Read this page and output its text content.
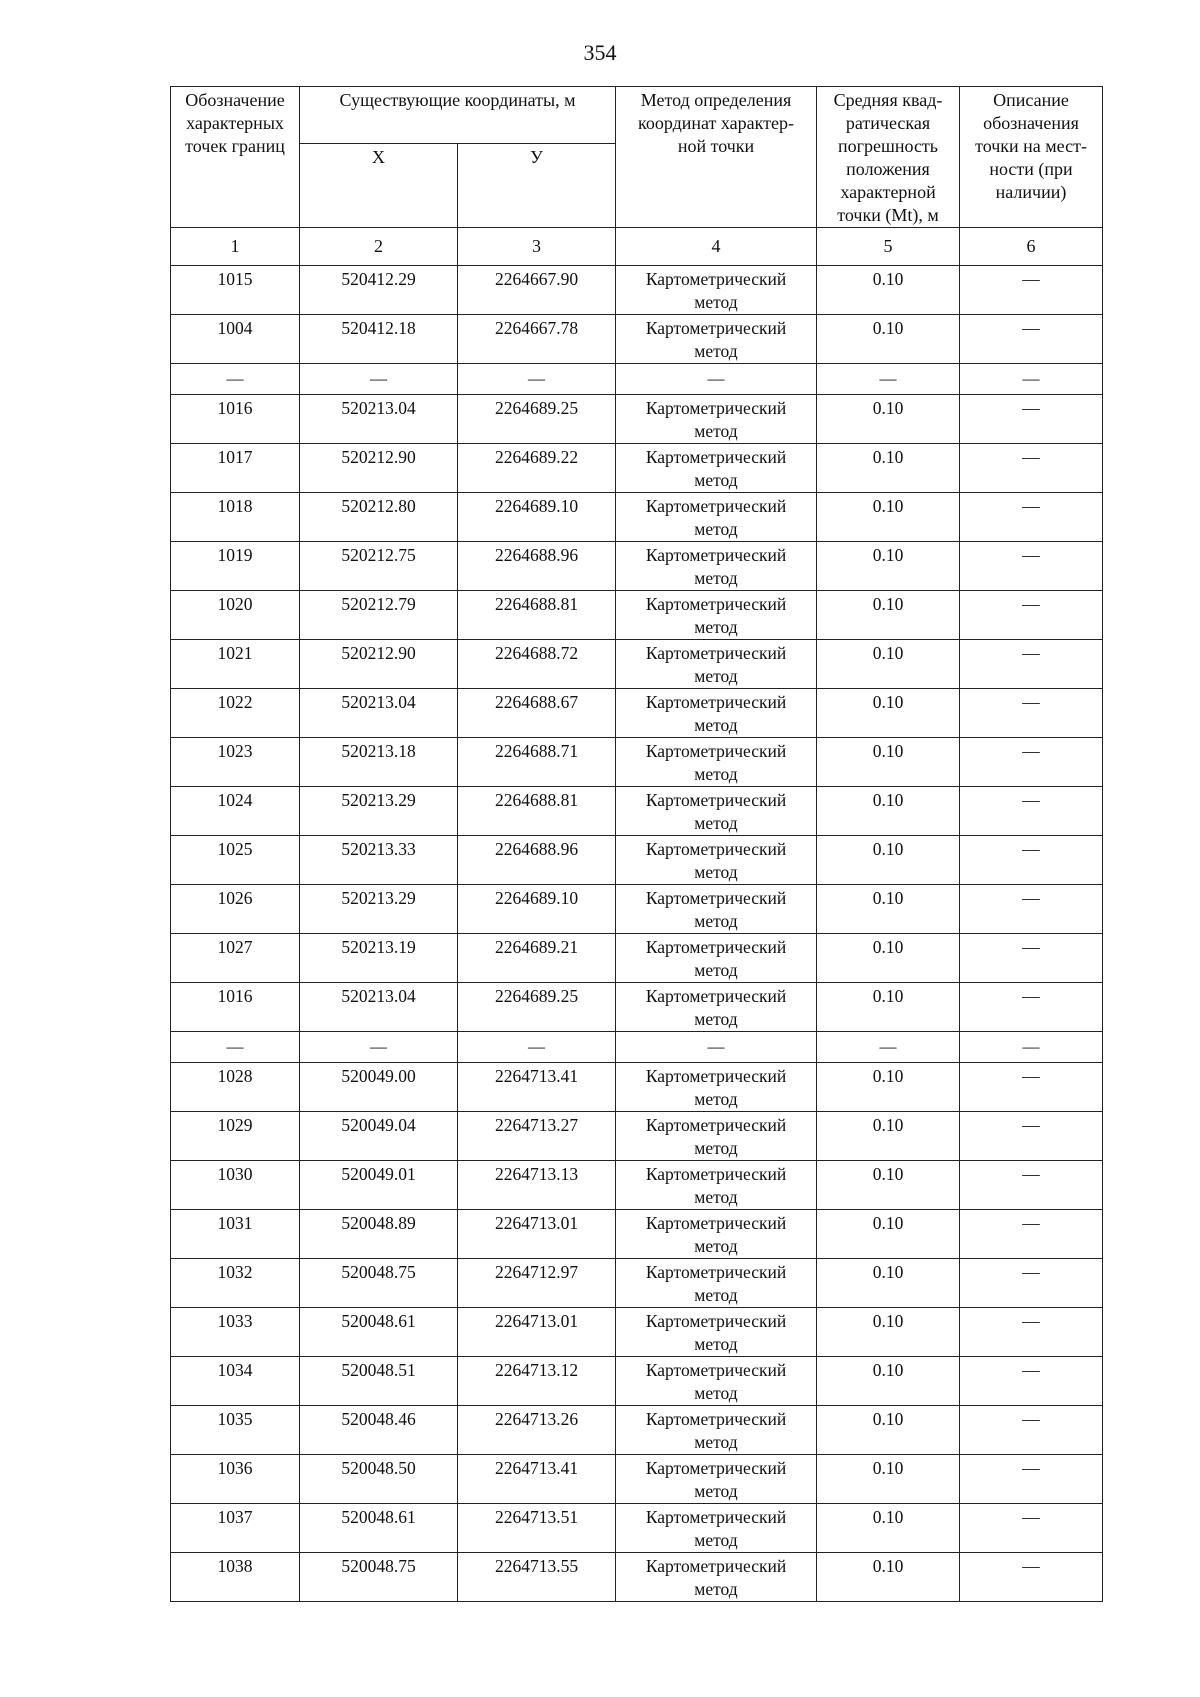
354
Обозначение характерных точек границ	Существующие координаты, м		Метод определения координат характер-ной точки	Средняя квад-ратическая погрешность положения характерной точки (Mt), м	Описание обозначения точки на мест-ности (при наличии)
	Х	У			
1	2	3	4	5	6
1015	520412.29	2264667.90	Картометрический метод	0.10	—
1004	520412.18	2264667.78	Картометрический метод	0.10	—
—	—	—	—	—	—
1016	520213.04	2264689.25	Картометрический метод	0.10	—
1017	520212.90	2264689.22	Картометрический метод	0.10	—
1018	520212.80	2264689.10	Картометрический метод	0.10	—
1019	520212.75	2264688.96	Картометрический метод	0.10	—
1020	520212.79	2264688.81	Картометрический метод	0.10	—
1021	520212.90	2264688.72	Картометрический метод	0.10	—
1022	520213.04	2264688.67	Картометрический метод	0.10	—
1023	520213.18	2264688.71	Картометрический метод	0.10	—
1024	520213.29	2264688.81	Картометрический метод	0.10	—
1025	520213.33	2264688.96	Картометрический метод	0.10	—
1026	520213.29	2264689.10	Картометрический метод	0.10	—
1027	520213.19	2264689.21	Картометрический метод	0.10	—
1016	520213.04	2264689.25	Картометрический метод	0.10	—
—	—	—	—	—	—
1028	520049.00	2264713.41	Картометрический метод	0.10	—
1029	520049.04	2264713.27	Картометрический метод	0.10	—
1030	520049.01	2264713.13	Картометрический метод	0.10	—
1031	520048.89	2264713.01	Картометрический метод	0.10	—
1032	520048.75	2264712.97	Картометрический метод	0.10	—
1033	520048.61	2264713.01	Картометрический метод	0.10	—
1034	520048.51	2264713.12	Картометрический метод	0.10	—
1035	520048.46	2264713.26	Картометрический метод	0.10	—
1036	520048.50	2264713.41	Картометрический метод	0.10	—
1037	520048.61	2264713.51	Картометрический метод	0.10	—
1038	520048.75	2264713.55	Картометрический метод	0.10	—
